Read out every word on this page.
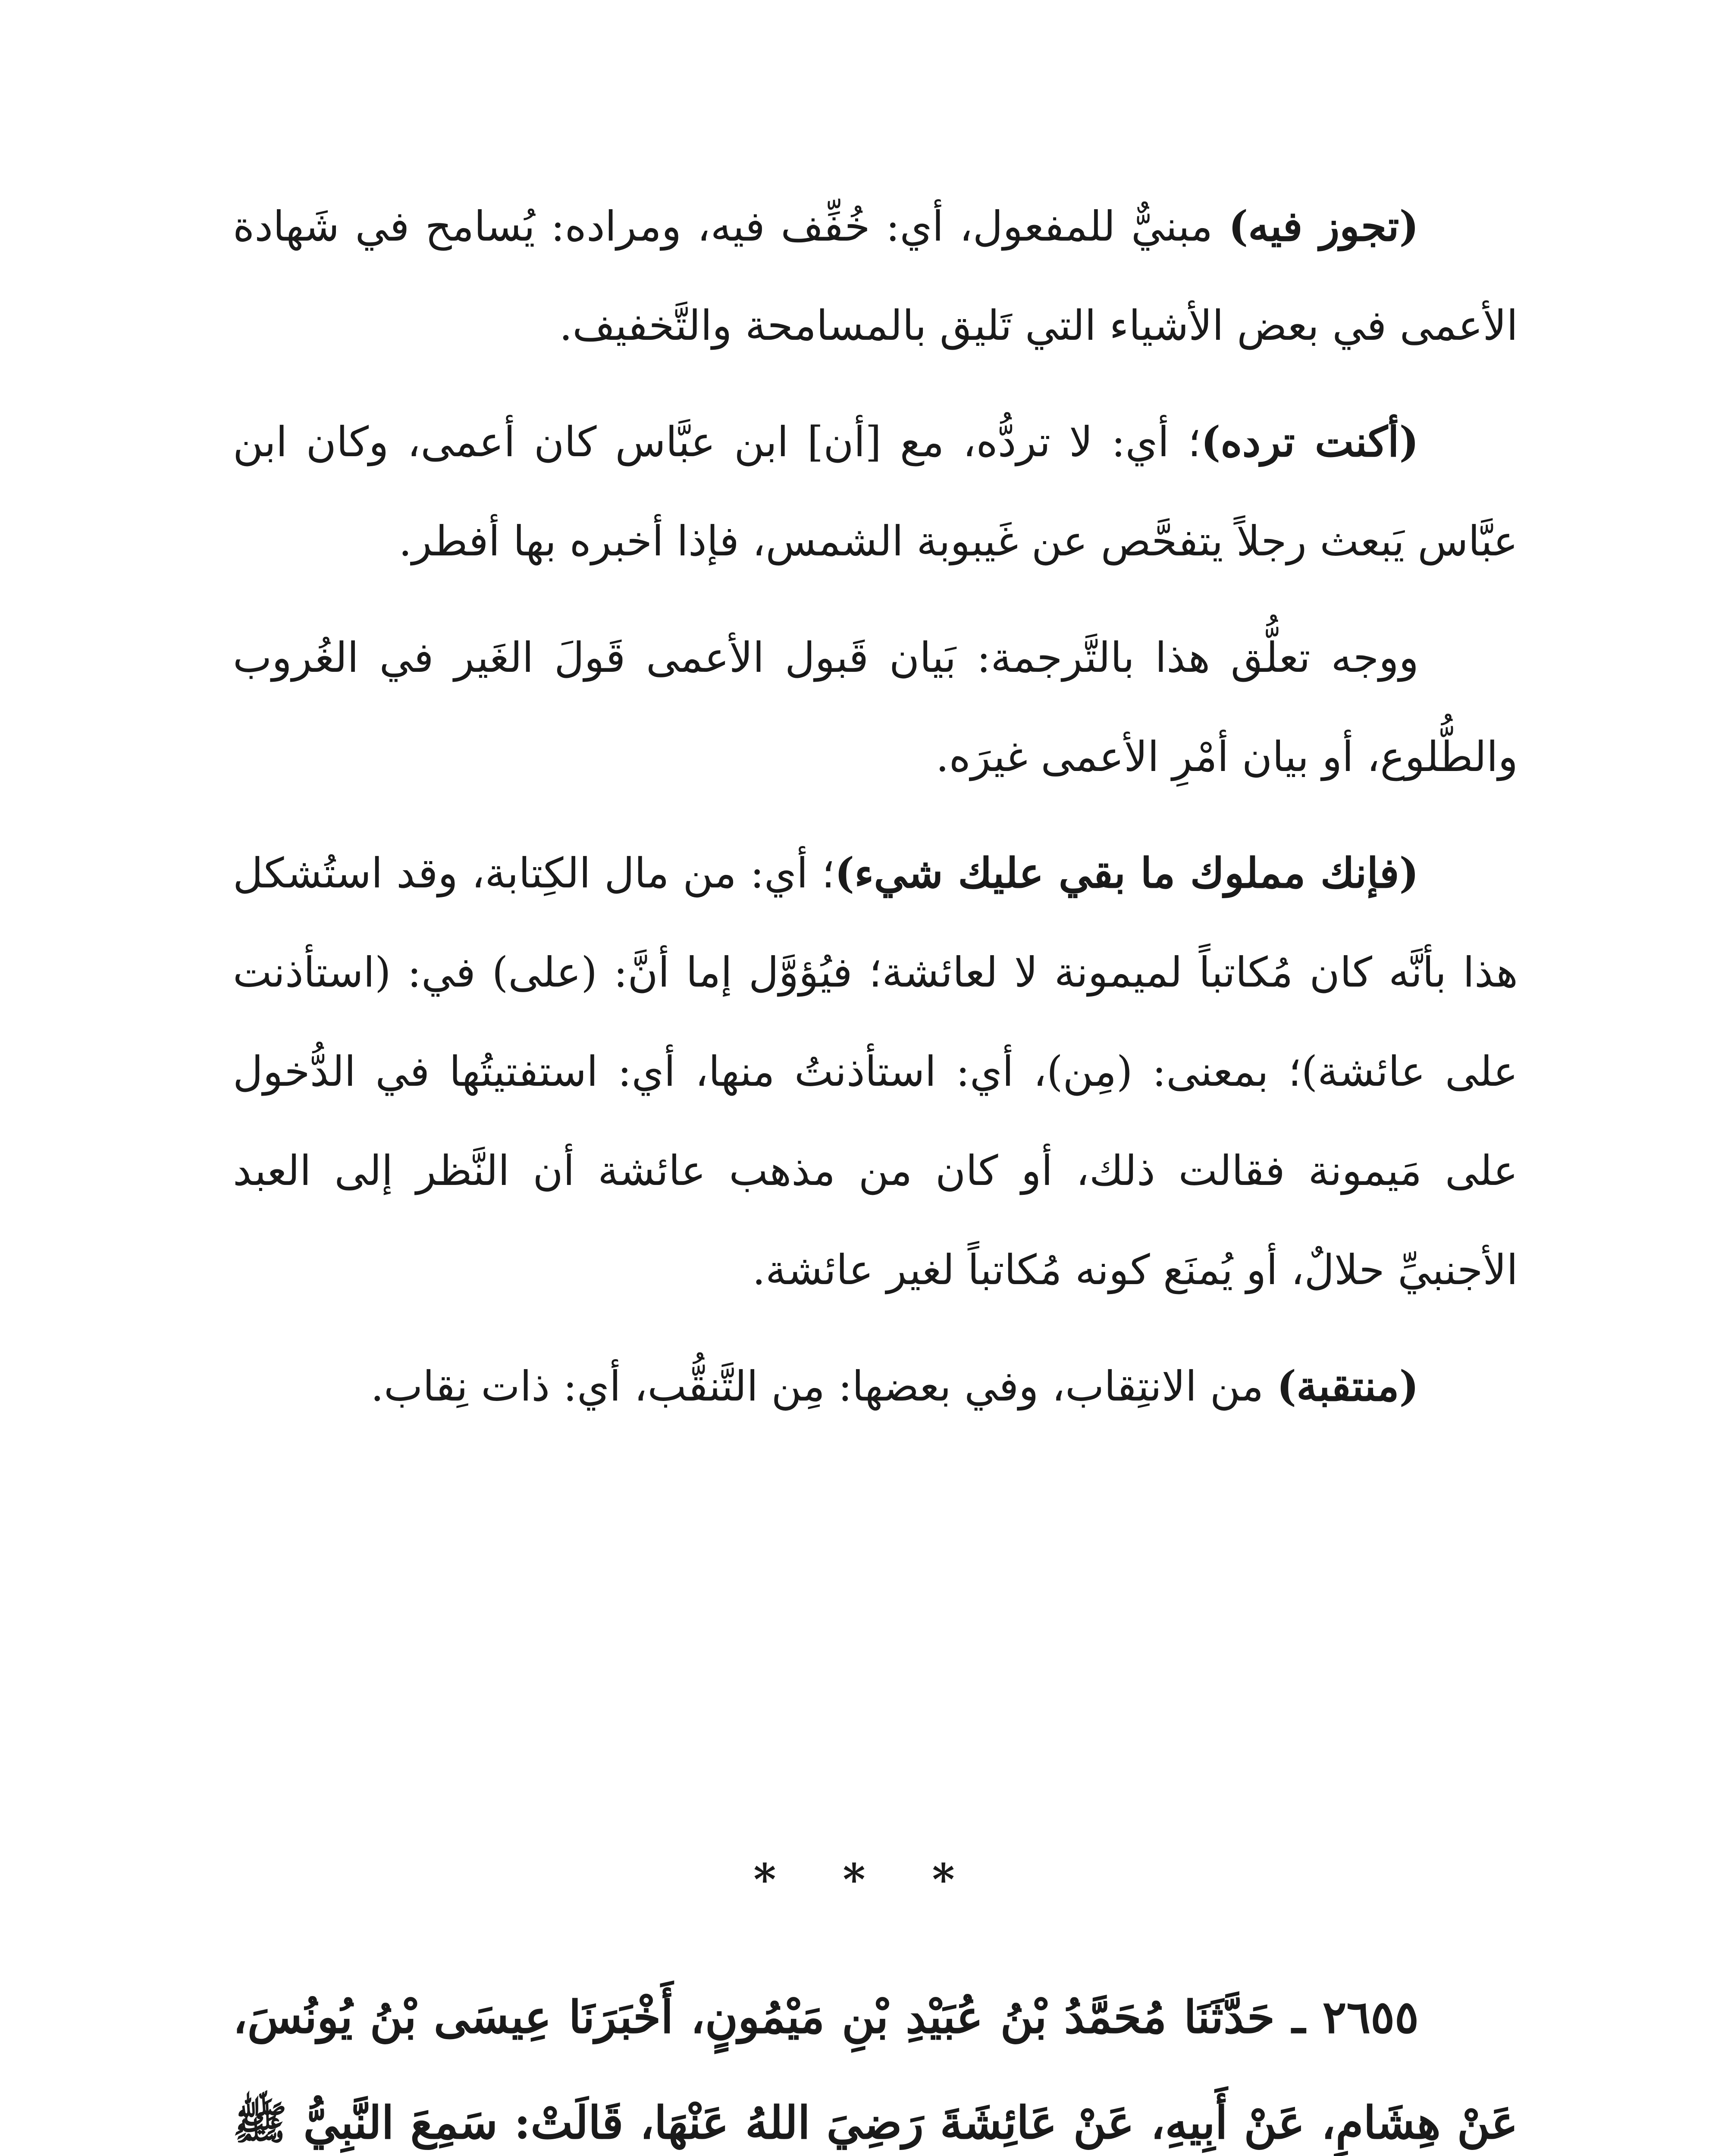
(تجوز فيه) مبنيٌّ للمفعول، أي: خُفِّف فيه، ومراده: يُسامح في شَهادة الأعمى في بعض الأشياء التي تَليق بالمسامحة والتَّخفيف.

(أكنت ترده)؛ أي: لا تردُّه، مع [أن] ابن عبَّاس كان أعمى، وكان ابن عبَّاس يَبعث رجلاً يتفحَّص عن غَيبوبة الشمس، فإذا أخبره بها أفطر.

ووجه تعلُّق هذا بالتَّرجمة: بَيان قَبول الأعمى قَولَ الغَير في الغُروب والطُّلوع، أو بيان أمْرِ الأعمى غيرَه.

(فإنك مملوك ما بقي عليك شيء)؛ أي: من مال الكِتابة، وقد استُشكل هذا بأنَّه كان مُكاتباً لميمونة لا لعائشة؛ فيُؤوَّل إما أنَّ: (على) في: (استأذنت على عائشة)؛ بمعنى: (مِن)، أي: استأذنتُ منها، أي: استفتيتُها في الدُّخول على مَيمونة فقالت ذلك، أو كان من مذهب عائشة أن النَّظر إلى العبد الأجنبيِّ حلالٌ، أو يُمنَع كونه مُكاتباً لغير عائشة.

(منتقبة) من الانتِقاب، وفي بعضها: مِن التَّنقُّب، أي: ذات نِقاب.

* * *

٢٦٥٥ ـ حَدَّثَنَا مُحَمَّدُ بْنُ عُبَيْدِ بْنِ مَيْمُونٍ، أَخْبَرَنَا عِيسَى بْنُ يُونُسَ، عَنْ هِشَامٍ، عَنْ أَبِيهِ، عَنْ عَائِشَةَ رَضِيَ اللهُ عَنْهَا، قَالَتْ: سَمِعَ النَّبِيُّ ﷺ
